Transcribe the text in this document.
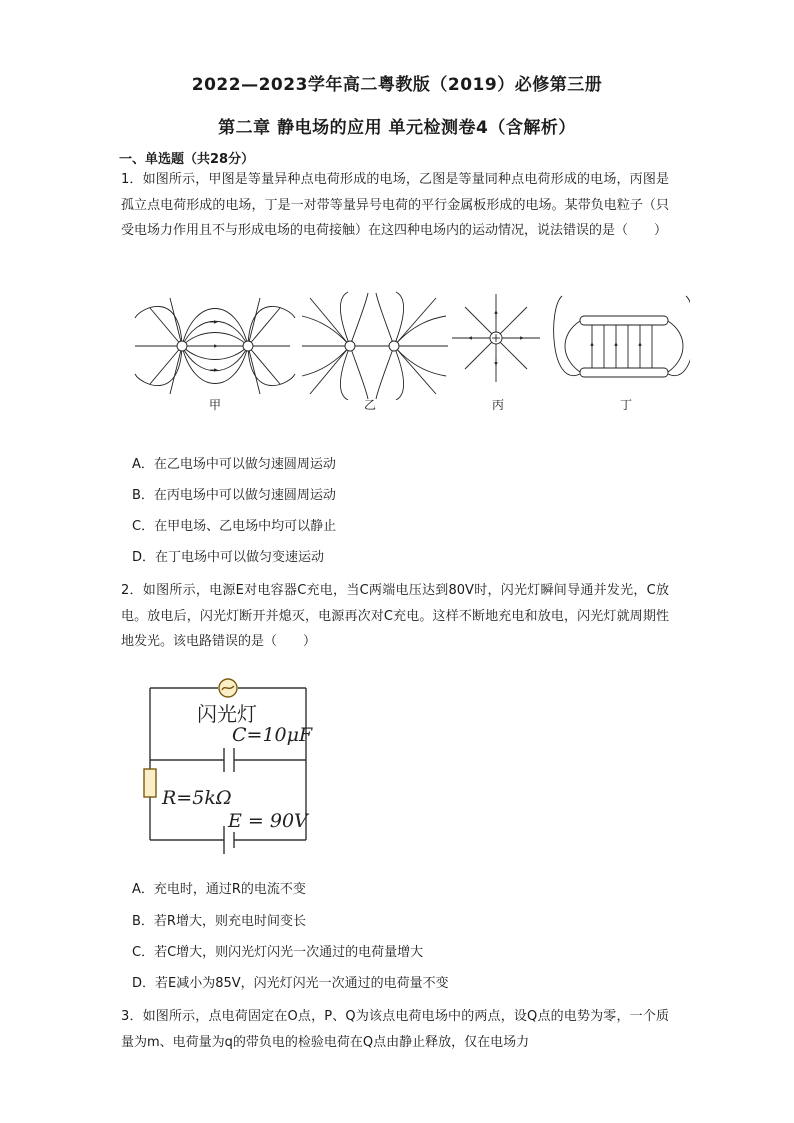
2022—2023学年高二粤教版（2019）必修第三册
第二章 静电场的应用 单元检测卷4（含解析）
一、单选题（共28分）
1．如图所示，甲图是等量异种点电荷形成的电场，乙图是等量同种点电荷形成的电场，丙图是孤立点电荷形成的电场，丁是一对带等量异号电荷的平行金属板形成的电场。某带负电粒子（只受电场力作用且不与形成电场的电荷接触）在这四种电场内的运动情况，说法错误的是（　　）
甲	乙	丙	丁
A．在乙电场中可以做匀速圆周运动
B．在丙电场中可以做匀速圆周运动
C．在甲电场、乙电场中均可以静止
D．在丁电场中可以做匀变速运动
2．如图所示，电源E对电容器C充电，当C两端电压达到80V时，闪光灯瞬间导通并发光，C放电。放电后，闪光灯断开并熄灭，电源再次对C充电。这样不断地充电和放电，闪光灯就周期性地发光。该电路错误的是（　　）
闪光灯
C=10μF
R=5kΩ
E = 90V
A．充电时，通过R的电流不变
B．若R增大，则充电时间变长
C．若C增大，则闪光灯闪光一次通过的电荷量增大
D．若E减小为85V，闪光灯闪光一次通过的电荷量不变
3．如图所示，点电荷固定在O点，P、Q为该点电荷电场中的两点，设Q点的电势为零，一个质量为m、电荷量为q的带负电的检验电荷在Q点由静止释放，仅在电场力
